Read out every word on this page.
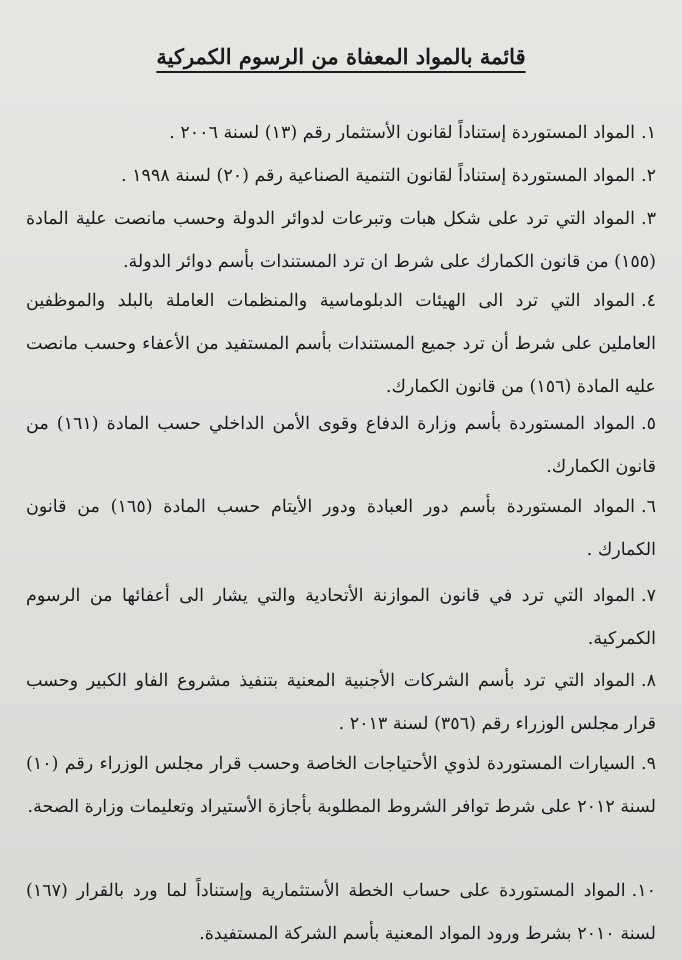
قائمة بالمواد المعفاة من الرسوم الكمركية
١.المواد المستوردة إستناداً لقانون الأستثمار رقم (١٣) لسنة ٢٠٠٦ .
٢.المواد المستوردة إستناداً لقانون التنمية الصناعية رقم (٢٠) لسنة ١٩٩٨ .
٣.المواد التي ترد على شكل هبات وتبرعات لدوائر الدولة وحسب مانصت علية المادة (١٥٥) من قانون الكمارك على شرط ان ترد المستندات بأسم دوائر الدولة.
٤.المواد التي ترد الى الهيئات الدبلوماسية والمنظمات العاملة بالبلد والموظفين العاملين على شرط أن ترد جميع المستندات بأسم المستفيد من الأعفاء وحسب مانصت عليه المادة (١٥٦) من قانون الكمارك.
٥.المواد المستوردة بأسم وزارة الدفاع وقوى الأمن الداخلي حسب المادة (١٦١) من قانون الكمارك.
٦.المواد المستوردة بأسم دور العبادة ودور الأيتام حسب المادة (١٦٥) من قانون الكمارك .
٧.المواد التي ترد في قانون الموازنة الأتحادية والتي يشار الى أعفائها من الرسوم الكمركية.
٨.المواد التي ترد بأسم الشركات الأجنبية المعنية بتنفيذ مشروع الفاو الكبير وحسب قرار مجلس الوزراء رقم (٣٥٦) لسنة ٢٠١٣ .
٩.السيارات المستوردة لذوي الأحتياجات الخاصة وحسب قرار مجلس الوزراء رقم (١٠) لسنة ٢٠١٢ على شرط توافر الشروط المطلوبة بأجازة الأستيراد وتعليمات وزارة الصحة.
١٠.المواد المستوردة على حساب الخطة الأستثمارية وإستناداً لما ورد بالقرار (١٦٧) لسنة ٢٠١٠ بشرط ورود المواد المعنية بأسم الشركة المستفيدة.
